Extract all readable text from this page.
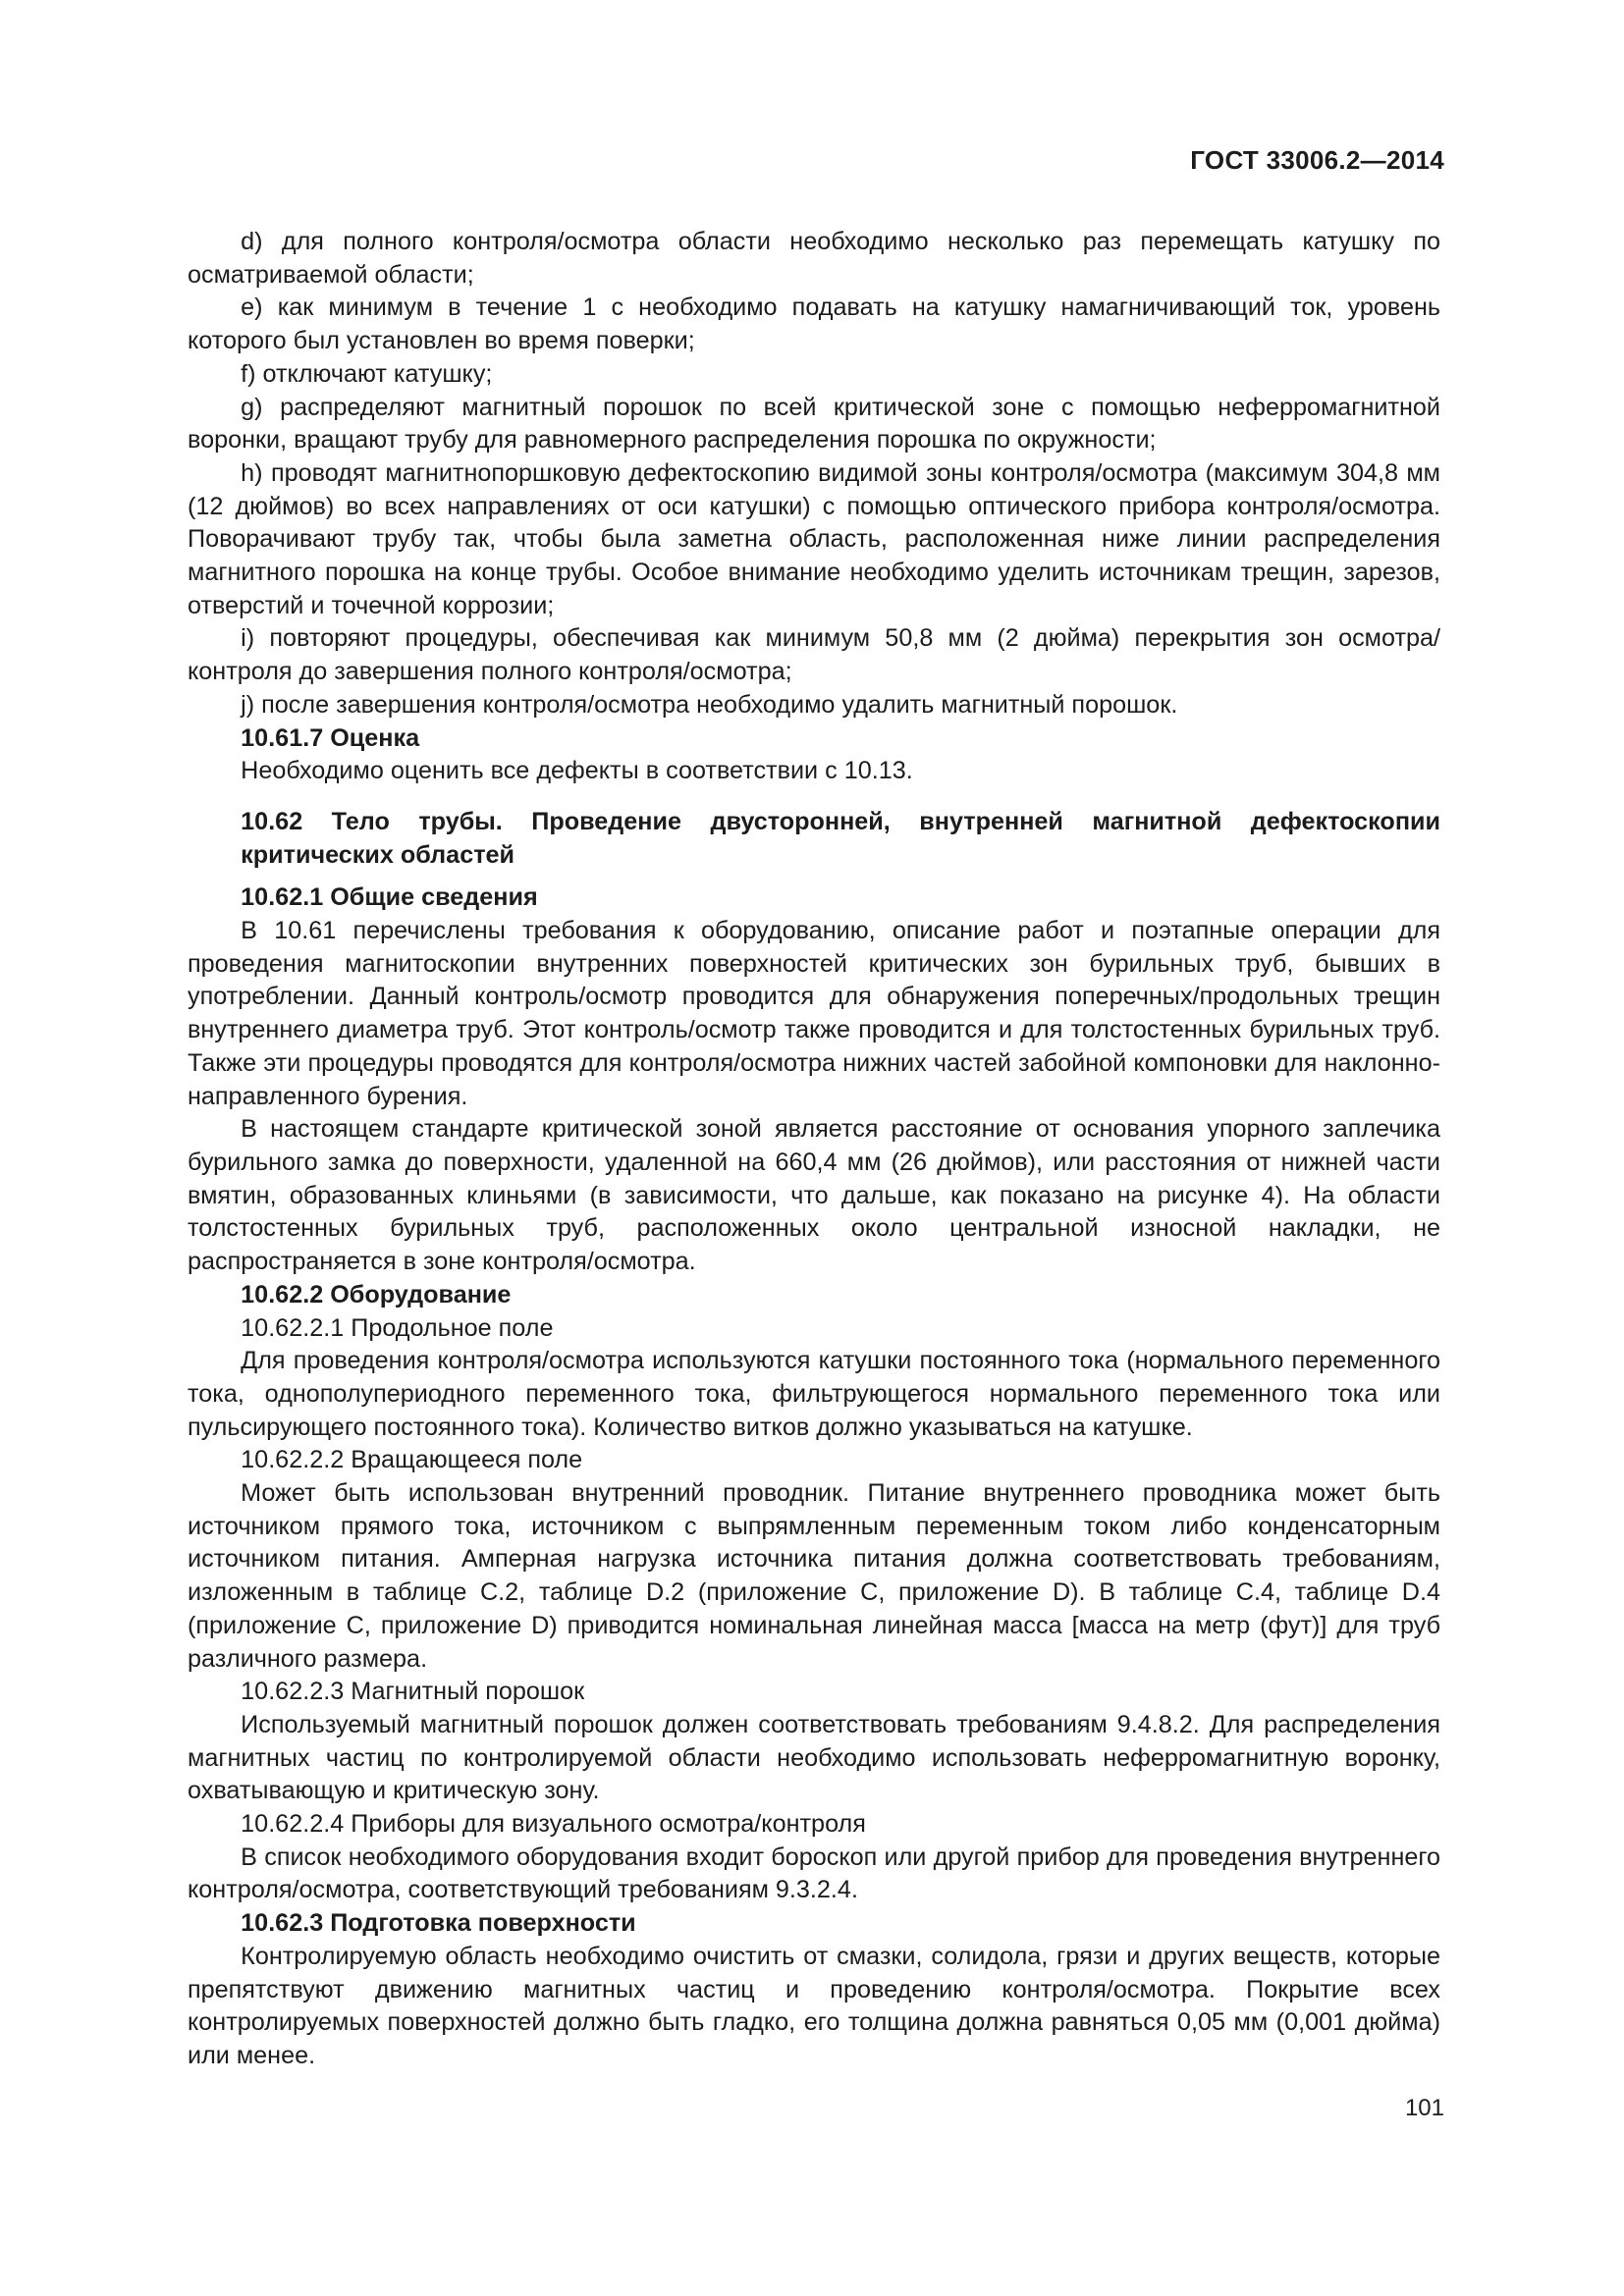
ГОСТ 33006.2—2014

d) для полного контроля/осмотра области необходимо несколько раз перемещать катушку по осматриваемой области;

e) как минимум в течение 1 с необходимо подавать на катушку намагничивающий ток, уровень которого был установлен во время поверки;

f) отключают катушку;

g) распределяют магнитный порошок по всей критической зоне с помощью неферромагнитной воронки, вращают трубу для равномерного распределения порошка по окружности;

h) проводят магнитнопоршковую дефектоскопию видимой зоны контроля/осмотра (максимум 304,8 мм (12 дюймов) во всех направлениях от оси катушки) с помощью оптического прибора контроля/осмотра. Поворачивают трубу так, чтобы была заметна область, расположенная ниже линии распределения магнитного порошка на конце трубы. Особое внимание необходимо уделить источникам трещин, зарезов, отверстий и точечной коррозии;

i) повторяют процедуры, обеспечивая как минимум 50,8 мм (2 дюйма) перекрытия зон осмотра/контроля до завершения полного контроля/осмотра;

j) после завершения контроля/осмотра необходимо удалить магнитный порошок.

10.61.7 Оценка

Необходимо оценить все дефекты в соответствии с 10.13.

10.62 Тело трубы. Проведение двусторонней, внутренней магнитной дефектоскопии критических областей

10.62.1 Общие сведения

В 10.61 перечислены требования к оборудованию, описание работ и поэтапные операции для проведения магнитоскопии внутренних поверхностей критических зон бурильных труб, бывших в употреблении. Данный контроль/осмотр проводится для обнаружения поперечных/продольных трещин внутреннего диаметра труб. Этот контроль/осмотр также проводится и для толстостенных бурильных труб. Также эти процедуры проводятся для контроля/осмотра нижних частей забойной компоновки для наклонно-направленного бурения.

В настоящем стандарте критической зоной является расстояние от основания упорного заплечика бурильного замка до поверхности, удаленной на 660,4 мм (26 дюймов), или расстояния от нижней части вмятин, образованных клиньями (в зависимости, что дальше, как показано на рисунке 4). На области толстостенных бурильных труб, расположенных около центральной износной накладки, не распространяется в зоне контроля/осмотра.

10.62.2 Оборудование

10.62.2.1 Продольное поле

Для проведения контроля/осмотра используются катушки постоянного тока (нормального переменного тока, однополупериодного переменного тока, фильтрующегося нормального переменного тока или пульсирующего постоянного тока). Количество витков должно указываться на катушке.

10.62.2.2 Вращающееся поле

Может быть использован внутренний проводник. Питание внутреннего проводника может быть источником прямого тока, источником с выпрямленным переменным током либо конденсаторным источником питания. Амперная нагрузка источника питания должна соответствовать требованиям, изложенным в таблице C.2, таблице D.2 (приложение C, приложение D). В таблице C.4, таблице D.4 (приложение C, приложение D) приводится номинальная линейная масса [масса на метр (фут)] для труб различного размера.

10.62.2.3 Магнитный порошок

Используемый магнитный порошок должен соответствовать требованиям 9.4.8.2. Для распределения магнитных частиц по контролируемой области необходимо использовать неферромагнитную воронку, охватывающую и критическую зону.

10.62.2.4 Приборы для визуального осмотра/контроля

В список необходимого оборудования входит бороскоп или другой прибор для проведения внутреннего контроля/осмотра, соответствующий требованиям 9.3.2.4.

10.62.3 Подготовка поверхности

Контролируемую область необходимо очистить от смазки, солидола, грязи и других веществ, которые препятствуют движению магнитных частиц и проведению контроля/осмотра. Покрытие всех контролируемых поверхностей должно быть гладко, его толщина должна равняться 0,05 мм (0,001 дюйма) или менее.

101
